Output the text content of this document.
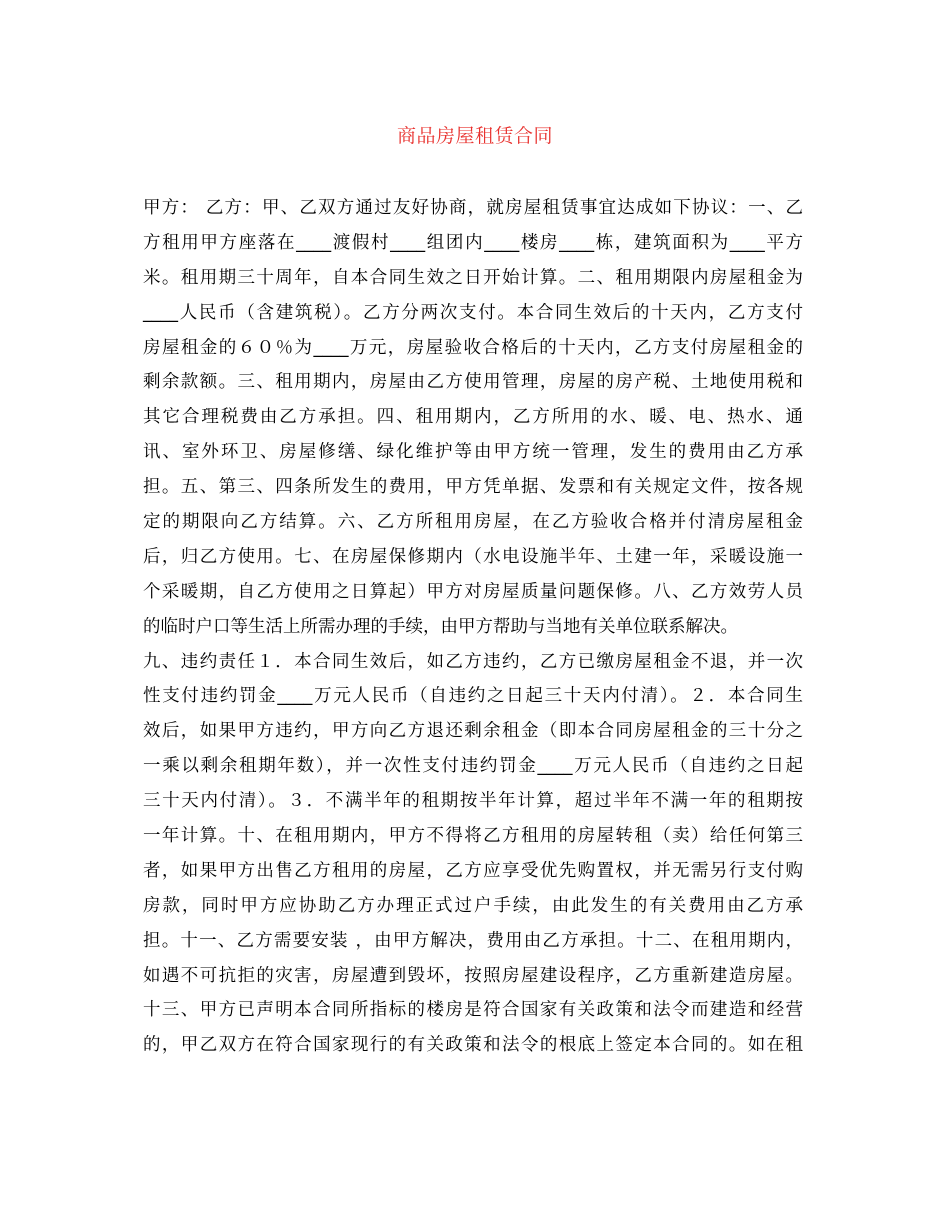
商品房屋租赁合同
甲方： 乙方：甲、乙双方通过友好协商，就房屋租赁事宜达成如下协议：一、乙
方租用甲方座落在____渡假村____组团内____楼房____栋，建筑面积为____平方
米。租用期三十周年，自本合同生效之日开始计算。二、租用期限内房屋租金为
____人民币（含建筑税）。乙方分两次支付。本合同生效后的十天内，乙方支付
房屋租金的６０％为____万元，房屋验收合格后的十天内，乙方支付房屋租金的
剩余款额。三、租用期内，房屋由乙方使用管理，房屋的房产税、土地使用税和
其它合理税费由乙方承担。四、租用期内，乙方所用的水、暖、电、热水、通
讯、室外环卫、房屋修缮、绿化维护等由甲方统一管理，发生的费用由乙方承
担。五、第三、四条所发生的费用，甲方凭单据、发票和有关规定文件，按各规
定的期限向乙方结算。六、乙方所租用房屋，在乙方验收合格并付清房屋租金
后，归乙方使用。七、在房屋保修期内（水电设施半年、土建一年，采暖设施一
个采暖期，自乙方使用之日算起）甲方对房屋质量问题保修。八、乙方效劳人员
的临时户口等生活上所需办理的手续，由甲方帮助与当地有关单位联系解决。
九、违约责任１．本合同生效后，如乙方违约，乙方已缴房屋租金不退，并一次
性支付违约罚金____万元人民币（自违约之日起三十天内付清）。２．本合同生
效后，如果甲方违约，甲方向乙方退还剩余租金（即本合同房屋租金的三十分之
一乘以剩余租期年数），并一次性支付违约罚金____万元人民币（自违约之日起
三十天内付清）。３．不满半年的租期按半年计算，超过半年不满一年的租期按
一年计算。十、在租用期内，甲方不得将乙方租用的房屋转租（卖）给任何第三
者，如果甲方出售乙方租用的房屋，乙方应享受优先购置权，并无需另行支付购
房款，同时甲方应协助乙方办理正式过户手续，由此发生的有关费用由乙方承
担。十一、乙方需要安装 ，由甲方解决，费用由乙方承担。十二、在租用期内，
如遇不可抗拒的灾害，房屋遭到毁坏，按照房屋建设程序，乙方重新建造房屋。
十三、甲方已声明本合同所指标的楼房是符合国家有关政策和法令而建造和经营
的，甲乙双方在符合国家现行的有关政策和法令的根底上签定本合同的。如在租
